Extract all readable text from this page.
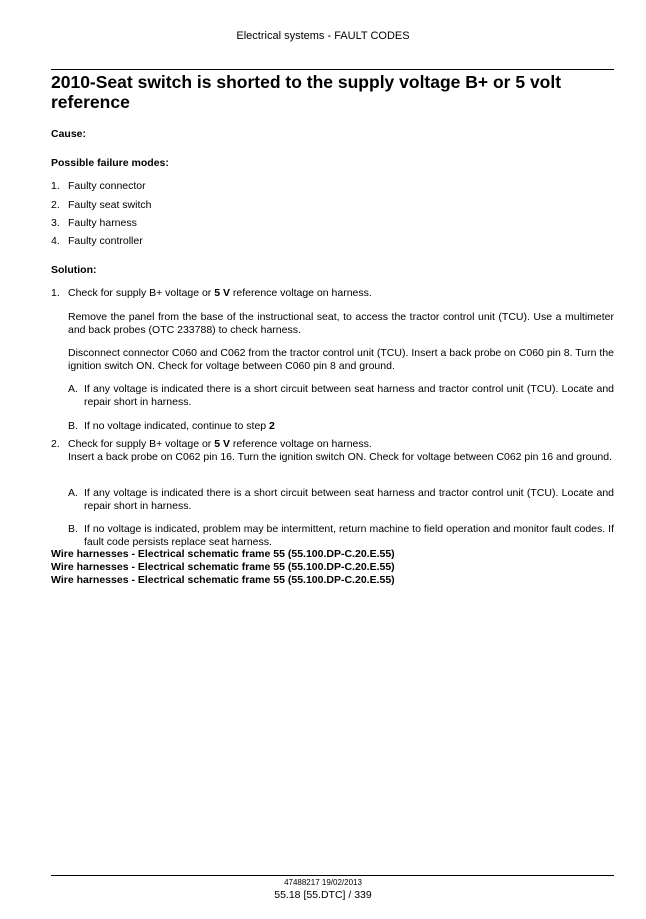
Electrical systems - FAULT CODES
2010-Seat switch is shorted to the supply voltage B+ or 5 volt reference
Cause:
Possible failure modes:
1. Faulty connector
2. Faulty seat switch
3. Faulty harness
4. Faulty controller
Solution:
1. Check for supply B+ voltage or 5 V reference voltage on harness.
Remove the panel from the base of the instructional seat, to access the tractor control unit (TCU). Use a multimeter and back probes (OTC 233788) to check harness.
Disconnect connector C060 and C062 from the tractor control unit (TCU). Insert a back probe on C060 pin 8. Turn the ignition switch ON. Check for voltage between C060 pin 8 and ground.
A. If any voltage is indicated there is a short circuit between seat harness and tractor control unit (TCU). Locate and repair short in harness.
B. If no voltage indicated, continue to step 2
2. Check for supply B+ voltage or 5 V reference voltage on harness.
Insert a back probe on C062 pin 16. Turn the ignition switch ON. Check for voltage between C062 pin 16 and ground.
A. If any voltage is indicated there is a short circuit between seat harness and tractor control unit (TCU). Locate and repair short in harness.
B. If no voltage is indicated, problem may be intermittent, return machine to field operation and monitor fault codes. If fault code persists replace seat harness.
Wire harnesses - Electrical schematic frame 55 (55.100.DP-C.20.E.55)
Wire harnesses - Electrical schematic frame 55 (55.100.DP-C.20.E.55)
Wire harnesses - Electrical schematic frame 55 (55.100.DP-C.20.E.55)
47488217 19/02/2013
55.18 [55.DTC] / 339
